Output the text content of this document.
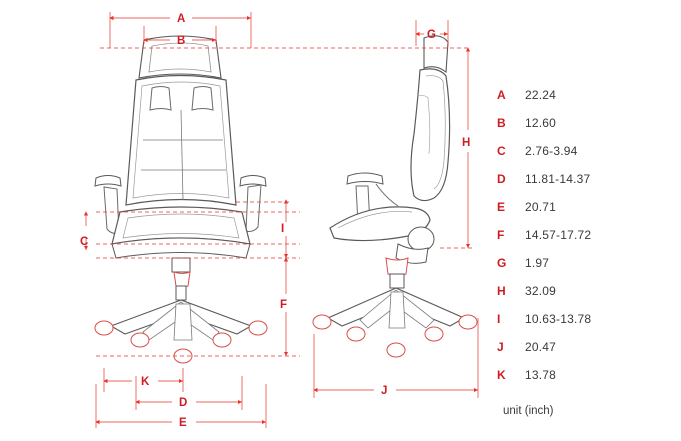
A
B
C
I
F
K
D
E
G
H
J
A	22.24
B	12.60
C	2.76-3.94
D	11.81-14.37
E	20.71
F	14.57-17.72
G	1.97
H	32.09
I	10.63-13.78
J	20.47
K	13.78
unit (inch)
